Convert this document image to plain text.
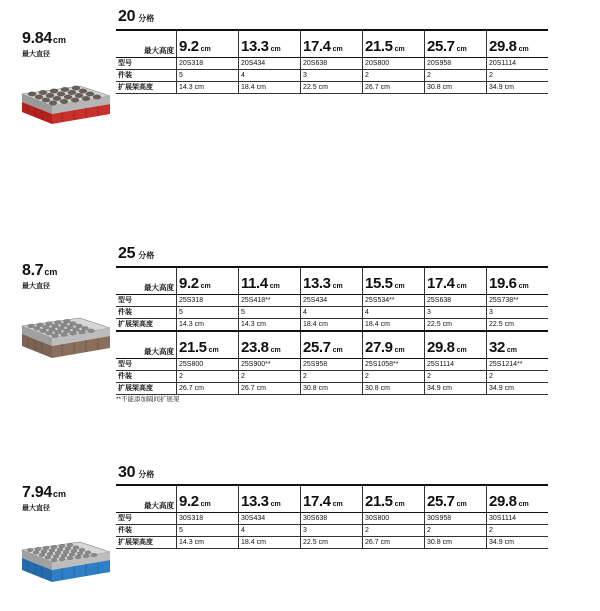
9.84cm
最大直径
20 分格
最大高度	9.2 cm	13.3 cm	17.4 cm	21.5 cm	25.7 cm	29.8 cm
型号	20S318	20S434	20S638	20S800	20S958	20S1114
件装	5	4	3	2	2	2
扩展架高度	14.3 cm	18.4 cm	22.5 cm	26.7 cm	30.8 cm	34.9 cm
8.7cm
最大直径
25 分格
最大高度	9.2 cm	11.4 cm	13.3 cm	15.5 cm	17.4 cm	19.6 cm
型号	25S318	25S418**	25S434	25S534**	25S638	25S738**
件装	5	5	4	4	3	3
扩展架高度	14.3 cm	14.3 cm	18.4 cm	18.4 cm	22.5 cm	22.5 cm
最大高度	21.5 cm	23.8 cm	25.7 cm	27.9 cm	29.8 cm	32 cm
型号	25S800	25S900**	25S958	25S1058**	25S1114	25S1214**
件装	2	2	2	2	2	2
扩展架高度	26.7 cm	26.7 cm	30.8 cm	30.8 cm	34.9 cm	34.9 cm
**不能添加隔间扩展架
7.94cm
最大直径
30 分格
最大高度	9.2 cm	13.3 cm	17.4 cm	21.5 cm	25.7 cm	29.8 cm
型号	30S318	30S434	30S638	30S800	30S958	30S1114
件装	5	4	3	2	2	2
扩展架高度	14.3 cm	18.4 cm	22.5 cm	26.7 cm	30.8 cm	34.9 cm
